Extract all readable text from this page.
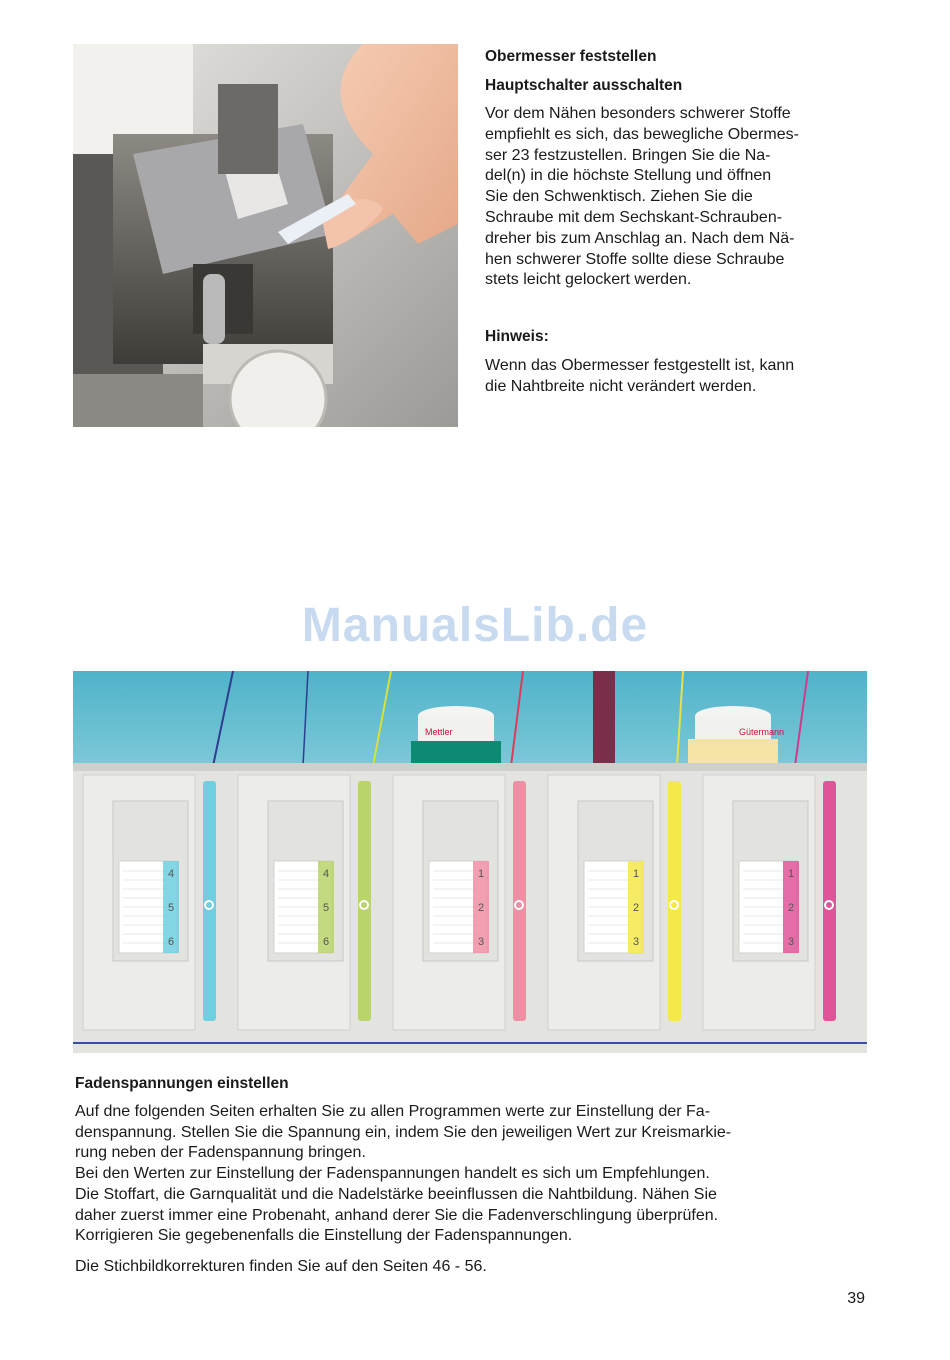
Obermesser feststellen

Hauptschalter ausschalten

Vor dem Nähen besonders schwerer Stoffe
empfiehlt es sich, das bewegliche Obermes-
ser 23 festzustellen. Bringen Sie die Na-
del(n) in die höchste Stellung und öffnen
Sie den Schwenktisch. Ziehen Sie die
Schraube mit dem Sechskant-Schrauben-
dreher bis zum Anschlag an. Nach dem Nä-
hen schwerer Stoffe sollte diese Schraube
stets leicht gelockert werden.

Hinweis:

Wenn das Obermesser festgestellt ist, kann
die Nahtbreite nicht verändert werden.
ManualsLib.de
Mettler	Gütermann
4
5
6
4
5
6
1
2
3
1
2
3
1
2
3

Fadenspannungen einstellen

Auf dne folgenden Seiten erhalten Sie zu allen Programmen werte zur Einstellung der Fa-
denspannung. Stellen Sie die Spannung ein, indem Sie den jeweiligen Wert zur Kreismarkie-
rung neben der Fadenspannung bringen.
Bei den Werten zur Einstellung der Fadenspannungen handelt es sich um Empfehlungen.
Die Stoffart, die Garnqualität und die Nadelstärke beeinflussen die Nahtbildung. Nähen Sie
daher zuerst immer eine Probenaht, anhand derer Sie die Fadenverschlingung überprüfen.
Korrigieren Sie gegebenenfalls die Einstellung der Fadenspannungen.

Die Stichbildkorrekturen finden Sie auf den Seiten 46 - 56.

39
